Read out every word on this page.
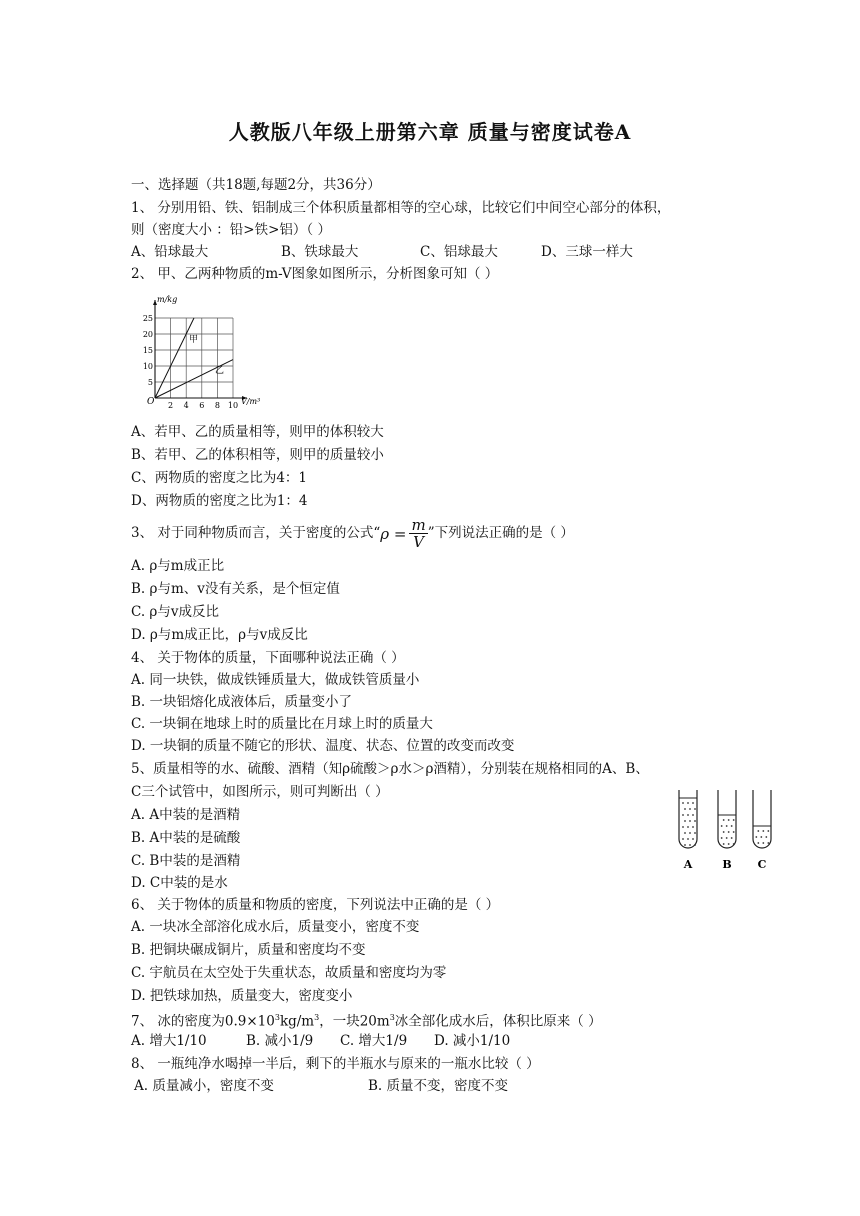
人教版八年级上册第六章 质量与密度试卷A
一、选择题（共18题,每题2分，共36分）
1、 分别用铅、铁、铝制成三个体积质量都相等的空心球，比较它们中间空心部分的体积，
则（密度大小 ：铅>铁>铝）（ ）
A、铅球最大	B、铁球最大	C、铝球最大	D、三球一样大
2、 甲、乙两种物质的m-V图象如图所示，分析图象可知（ ）
5
10
15
20
25
2 4 6 8 10
m/kg
V/m³
O
甲
乙
A、若甲、乙的质量相等，则甲的体积较大
B、若甲、乙的体积相等，则甲的质量较小
C、两物质的密度之比为4：1
D、两物质的密度之比为1：4
3、 对于同种物质而言，关于密度的公式“ $\rho = \frac{m}{V}$ ”下列说法正确的是（ ）
A. ρ与m成正比
B. ρ与m、v没有关系，是个恒定值
C. ρ与v成反比
D. ρ与m成正比，ρ与v成反比
4、 关于物体的质量，下面哪种说法正确（ ）
A. 同一块铁，做成铁锤质量大，做成铁管质量小
B. 一块铝熔化成液体后，质量变小了
C. 一块铜在地球上时的质量比在月球上时的质量大
D. 一块铜的质量不随它的形状、温度、状态、位置的改变而改变
5、质量相等的水、硫酸、酒精（知ρ硫酸＞ρ水＞ρ酒精），分别装在规格相同的A、B、
C三个试管中，如图所示，则可判断出（ ）
A. A中装的是酒精
B. A中装的是硫酸
C. B中装的是酒精
D. C中装的是水
A	B C
6、 关于物体的质量和物质的密度，下列说法中正确的是（ ）
A. 一块冰全部溶化成水后，质量变小，密度不变
B. 把铜块碾成铜片，质量和密度均不变
C. 宇航员在太空处于失重状态，故质量和密度均为零
D. 把铁球加热，质量变大，密度变小
7、 冰的密度为$0.9\times 10^3kg/m^3$，一块$20m^3$冰全部化成水后，体积比原来（ ）
A. 增大1/10	B. 减小1/9 C. 增大1/9 D. 减小1/10
8、 一瓶纯净水喝掉一半后，剩下的半瓶水与原来的一瓶水比较（ ）
A. 质量减小，密度不变	B. 质量不变，密度不变
